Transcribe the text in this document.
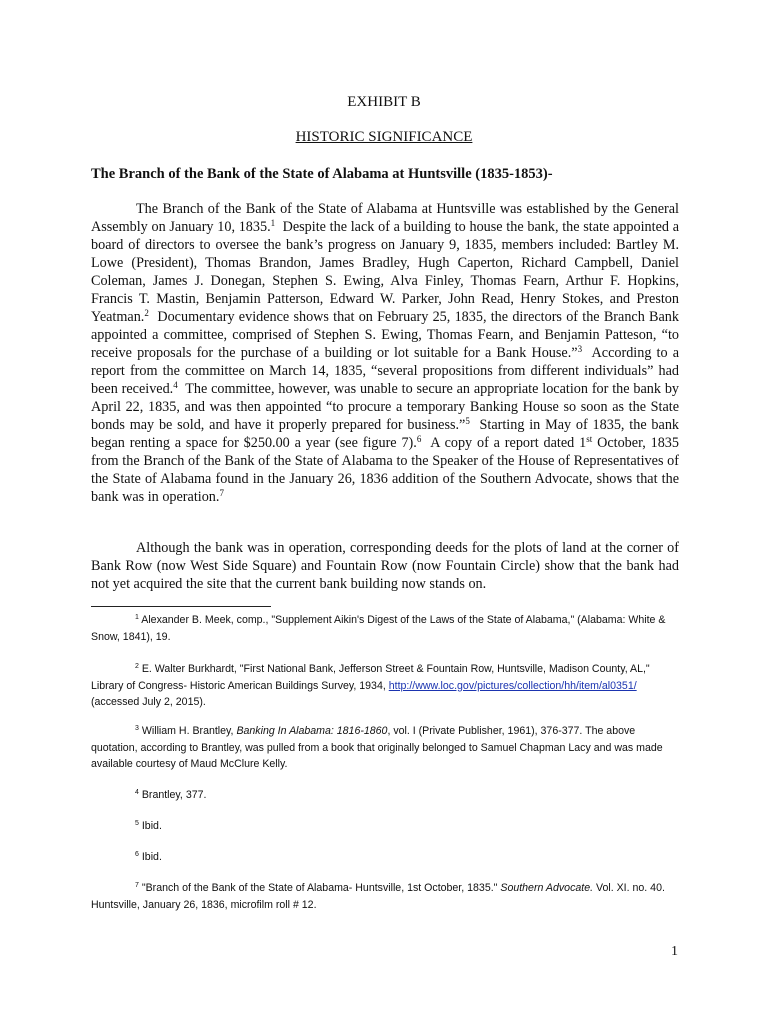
EXHIBIT B
HISTORIC SIGNIFICANCE
The Branch of the Bank of the State of Alabama at Huntsville (1835-1853)-

The Branch of the Bank of the State of Alabama at Huntsville was established by the General Assembly on January 10, 1835.$^1$ Despite the lack of a building to house the bank, the state appointed a board of directors to oversee the bank’s progress on January 9, 1835, members included: Bartley M. Lowe (President), Thomas Brandon, James Bradley, Hugh Caperton, Richard Campbell, Daniel Coleman, James J. Donegan, Stephen S. Ewing, Alva Finley, Thomas Fearn, Arthur F. Hopkins, Francis T. Mastin, Benjamin Patterson, Edward W. Parker, John Read, Henry Stokes, and Preston Yeatman.$^2$ Documentary evidence shows that on February 25, 1835, the directors of the Branch Bank appointed a committee, comprised of Stephen S. Ewing, Thomas Fearn, and Benjamin Patteson, “to receive proposals for the purchase of a building or lot suitable for a Bank House.”$^3$ According to a report from the committee on March 14, 1835, “several propositions from different individuals” had been received.$^4$ The committee, however, was unable to secure an appropriate location for the bank by April 22, 1835, and was then appointed “to procure a temporary Banking House so soon as the State bonds may be sold, and have it properly prepared for business.”$^5$ Starting in May of 1835, the bank began renting a space for $250.00 a year (see figure 7).$^6$ A copy of a report dated 1st October, 1835 from the Branch of the Bank of the State of Alabama to the Speaker of the House of Representatives of the State of Alabama found in the January 26, 1836 addition of the Southern Advocate, shows that the bank was in operation.$^7$

Although the bank was in operation, corresponding deeds for the plots of land at the corner of Bank Row (now West Side Square) and Fountain Row (now Fountain Circle) show that the bank had not yet acquired the site that the current bank building now stands on.

$^1$ Alexander B. Meek, comp., "Supplement Aikin's Digest of the Laws of the State of Alabama," (Alabama: White & Snow, 1841), 19.

$^2$ E. Walter Burkhardt, "First National Bank, Jefferson Street & Fountain Row, Huntsville, Madison County, AL," Library of Congress- Historic American Buildings Survey, 1934, http://www.loc.gov/pictures/collection/hh/item/al0351/ (accessed July 2, 2015).

$^3$ William H. Brantley, Banking In Alabama: 1816-1860, vol. I (Private Publisher, 1961), 376-377. The above quotation, according to Brantley, was pulled from a book that originally belonged to Samuel Chapman Lacy and was made available courtesy of Maud McClure Kelly.

$^4$ Brantley, 377.

$^5$ Ibid.

$^6$ Ibid.

$^7$ "Branch of the Bank of the State of Alabama- Huntsville, 1st October, 1835." Southern Advocate. Vol. XI. no. 40. Huntsville, January 26, 1836, microfilm roll # 12.

1
